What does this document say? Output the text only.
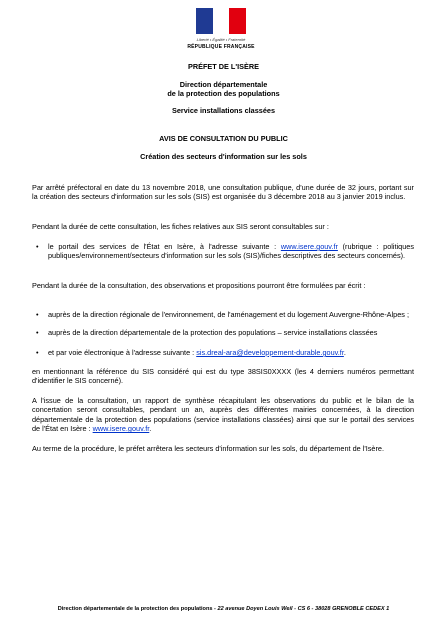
Liberté • Égalité • Fraternité
RÉPUBLIQUE FRANÇAISE
PRÉFET DE L'ISÈRE
Direction départementale
de la protection des populations
Service installations classées
AVIS DE CONSULTATION DU PUBLIC
Création des secteurs d'information sur les sols
Par arrêté préfectoral en date du 13 novembre 2018, une consultation publique, d'une durée de 32 jours, portant sur la création des secteurs d'information sur les sols (SIS) est organisée du 3 décembre 2018 au 3 janvier 2019 inclus.
Pendant la durée de cette consultation, les fiches relatives aux SIS seront consultables sur :
• le portail des services de l'État en Isère, à l'adresse suivante : www.isere.gouv.fr (rubrique : politiques publiques/environnement/secteurs d'information sur les sols (SIS)/fiches descriptives des secteurs concernés).
Pendant la durée de la consultation, des observations et propositions pourront être formulées par écrit :
• auprès de la direction régionale de l'environnement, de l'aménagement et du logement Auvergne-Rhône-Alpes ;
• auprès de la direction départementale de la protection des populations – service installations classées
• et par voie électronique à l'adresse suivante : sis.dreal-ara@developpement-durable.gouv.fr.
en mentionnant la référence du SIS considéré qui est du type 38SIS0XXXX (les 4 derniers numéros permettant d'identifier le SIS concerné).
A l'issue de la consultation, un rapport de synthèse récapitulant les observations du public et le bilan de la concertation seront consultables, pendant un an, auprès des différentes mairies concernées, à la direction départementale de la protection des populations (service installations classées) ainsi que sur le portail des services de l'État en Isère : www.isere.gouv.fr.
Au terme de la procédure, le préfet arrêtera les secteurs d'information sur les sols, du département de l'Isère.
Direction départementale de la protection des populations - 22 avenue Doyen Louis Weil - CS 6 - 38028 GRENOBLE CEDEX 1
